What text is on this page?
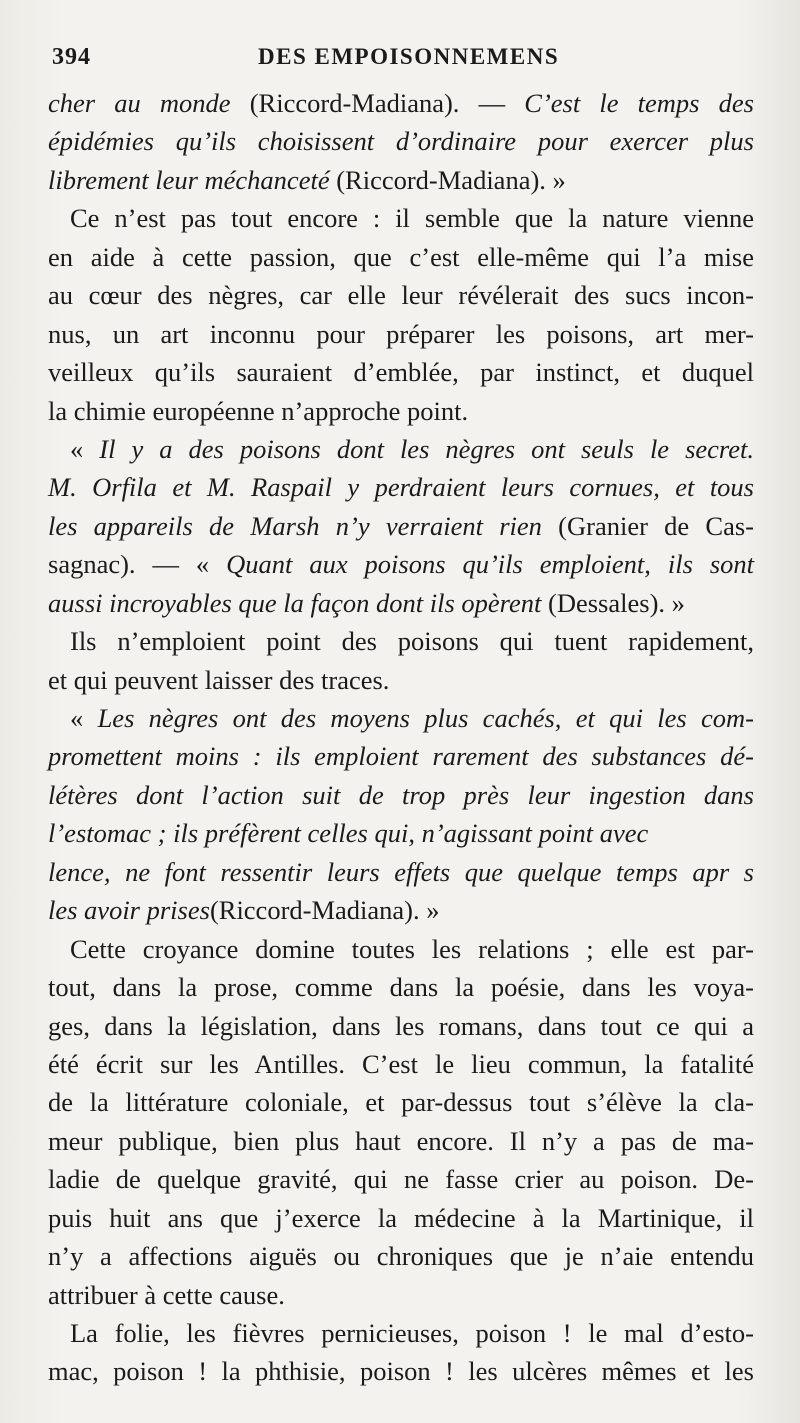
394	DES EMPOISONNEMENS
cher au monde (Riccord-Madiana). — C’est le temps des
épidémies qu’ils choisissent d’ordinaire pour exercer plus
librement leur méchanceté (Riccord-Madiana). »
Ce n’est pas tout encore : il semble que la nature vienne
en aide à cette passion, que c’est elle-même qui l’a mise
au cœur des nègres, car elle leur révélerait des sucs incon-
nus, un art inconnu pour préparer les poisons, art mer-
veilleux qu’ils sauraient d’emblée, par instinct, et duquel
la chimie européenne n’approche point.
« Il y a des poisons dont les nègres ont seuls le secret.
M. Orfila et M. Raspail y perdraient leurs cornues, et tous
les appareils de Marsh n’y verraient rien (Granier de Cas-
sagnac). — « Quant aux poisons qu’ils emploient, ils sont
aussi incroyables que la façon dont ils opèrent (Dessales). »
Ils n’emploient point des poisons qui tuent rapidement,
et qui peuvent laisser des traces.
« Les nègres ont des moyens plus cachés, et qui les com-
promettent moins : ils emploient rarement des substances dé-
létères dont l’action suit de trop près leur ingestion dans
l’estomac ; ils préfèrent celles qui, n’agissant point avec
lence, ne font ressentir leurs effets que quelque temps apr s
les avoir prises(Riccord-Madiana). »
Cette croyance domine toutes les relations ; elle est par-
tout, dans la prose, comme dans la poésie, dans les voya-
ges, dans la législation, dans les romans, dans tout ce qui a
été écrit sur les Antilles. C’est le lieu commun, la fatalité
de la littérature coloniale, et par-dessus tout s’élève la cla-
meur publique, bien plus haut encore. Il n’y a pas de ma-
ladie de quelque gravité, qui ne fasse crier au poison. De-
puis huit ans que j’exerce la médecine à la Martinique, il
n’y a affections aiguës ou chroniques que je n’aie entendu
attribuer à cette cause.
La folie, les fièvres pernicieuses, poison ! le mal d’esto-
mac, poison ! la phthisie, poison ! les ulcères mêmes et les
